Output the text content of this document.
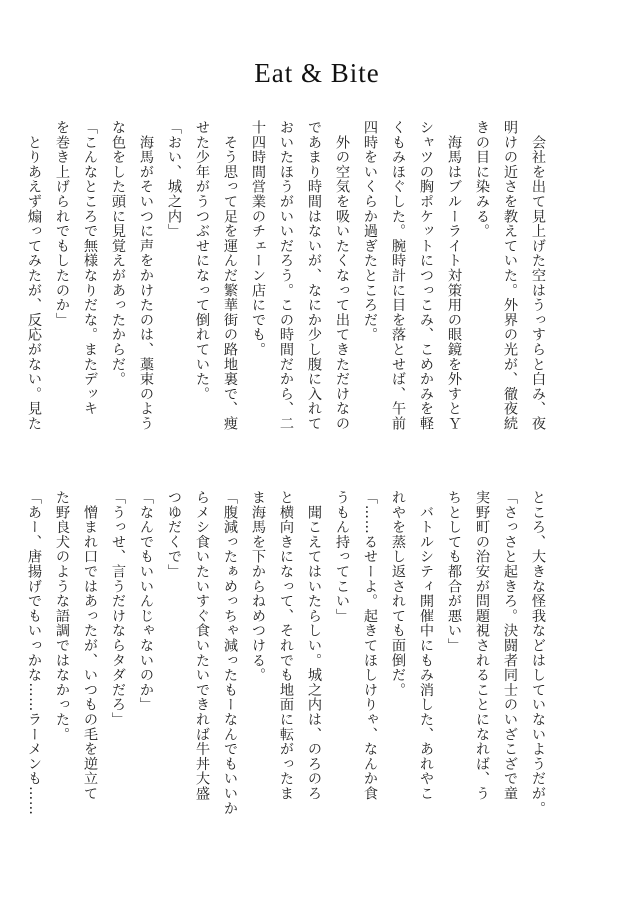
Eat & Bite
　会社を出て見上げた空はうっすらと白み、夜
明けの近さを教えていた。外界の光が、徹夜続
きの目に染みる。
　海馬はブルーライト対策用の眼鏡を外すとＹ
シャツの胸ポケットにつっこみ、こめかみを軽
くもみほぐした。腕時計に目を落とせば、午前
四時をいくらか過ぎたところだ。
　外の空気を吸いたくなって出てきただけなの
であまり時間はないが、なにか少し腹に入れて
おいたほうがいいだろう。この時間だから、二
十四時間営業のチェーン店にでも。
　そう思って足を運んだ繁華街の路地裏で、痩
せた少年がうつぶせになって倒れていた。
「おい、城之内」
　海馬がそいつに声をかけたのは、藁束のよう
な色をした頭に見覚えがあったからだ。
「こんなところで無様なりだな。またデッキ
を巻き上げられでもしたのか」
　とりあえず煽ってみたが、反応がない。見た
ところ、大きな怪我などはしていないようだが。
「さっさと起きろ。決闘者同士のいざこざで童
実野町の治安が問題視されることになれば、う
ちとしても都合が悪い」
　バトルシティ開催中にもみ消した、あれやこ
れやを蒸し返されても面倒だ。
「……るせーよ。起きてほしけりゃ、なんか食
うもん持ってこい」
　聞こえてはいたらしい。城之内は、のろのろ
と横向きになって、それでも地面に転がったま
ま海馬を下からねめつける。
「腹減ったぁめっちゃ減ったもーなんでもいいか
らメシ食いたいすぐ食いたいできれば牛丼大盛
つゆだくで」
「なんでもいいんじゃないのか」
「うっせ、言うだけならタダだろ」
　憎まれ口ではあったが、いつもの毛を逆立て
た野良犬のような語調ではなかった。
「あー、唐揚げでもいっかな……ラーメンも……
